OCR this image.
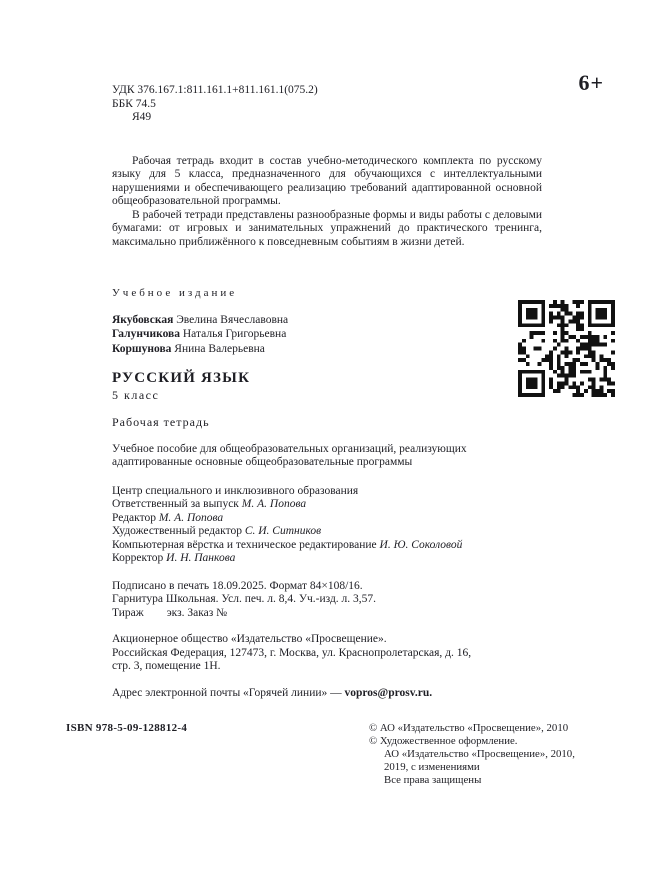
УДК 376.167.1:811.161.1+811.161.1(075.2)
ББК 74.5
Я49
6+

Рабочая тетрадь входит в состав учебно-методического комплекта по русскому языку для 5 класса, предназначенного для обучающихся с интеллектуальными нарушениями и обеспечивающего реализацию требований адаптированной основной общеобразовательной программы.

В рабочей тетради представлены разнообразные формы и виды работы с деловыми бумагами: от игровых и занимательных упражнений до практического тренинга, максимально приближённого к повседневным событиям в жизни детей.

Учебное издание
Якубовская Эвелина Вячеславовна
Галунчикова Наталья Григорьевна
Коршунова Янина Валерьевна
РУССКИЙ ЯЗЫК
5 класс
Рабочая тетрадь
Учебное пособие для общеобразовательных организаций, реализующих адаптированные основные общеобразовательные программы
Центр специального и инклюзивного образования
Ответственный за выпуск М. А. Попова
Редактор М. А. Попова
Художественный редактор С. И. Ситников
Компьютерная вёрстка и техническое редактирование И. Ю. Соколовой
Корректор И. Н. Панкова
Подписано в печать 18.09.2025. Формат 84×108/16.
Гарнитура Школьная. Усл. печ. л. 8,4. Уч.-изд. л. 3,57.
Тираж        экз. Заказ №
Акционерное общество «Издательство «Просвещение».
Российская Федерация, 127473, г. Москва, ул. Краснопролетарская, д. 16,
стр. 3, помещение 1Н.
Адрес электронной почты «Горячей линии» — vopros@prosv.ru.
ISBN 978-5-09-128812-4	© АО «Издательство «Просвещение», 2010
© Художественное оформление.
АО «Издательство «Просвещение», 2010,
2019, с изменениями
Все права защищены
